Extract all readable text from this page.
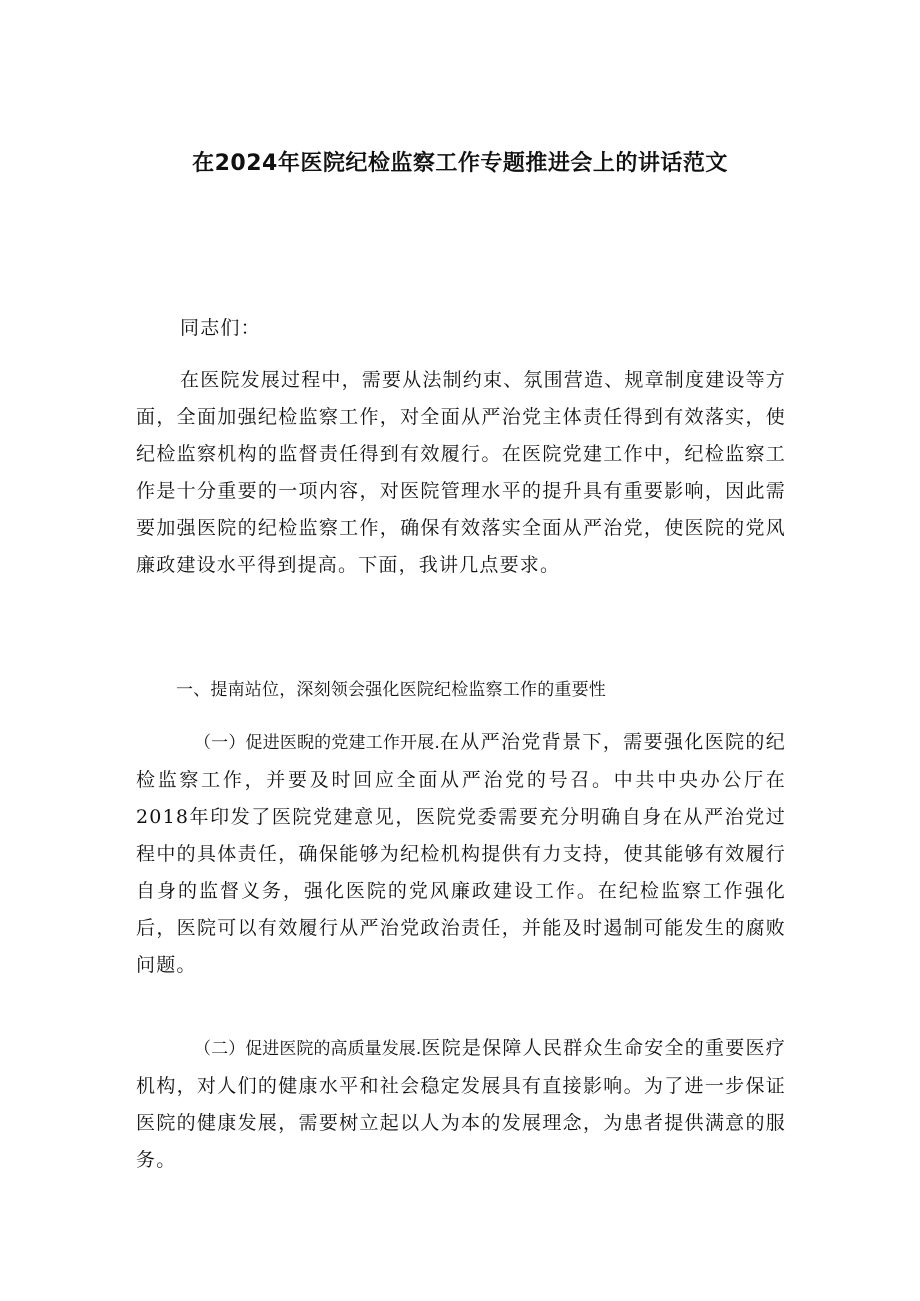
在2024年医院纪检监察工作专题推进会上的讲话范文
同志们：
在医院发展过程中，需要从法制约束、氛围营造、规章制度建设等方面，全面加强纪检监察工作，对全面从严治党主体责任得到有效落实，使纪检监察机构的监督责任得到有效履行。在医院党建工作中，纪检监察工作是十分重要的一项内容，对医院管理水平的提升具有重要影响，因此需要加强医院的纪检监察工作，确保有效落实全面从严治党，使医院的党风廉政建设水平得到提高。下面，我讲几点要求。
一、提南站位，深刻领会强化医院纪检监察工作的重要性
（一）促进医睨的党建工作开展.在从严治党背景下，需要强化医院的纪检监察工作，并要及时回应全面从严治党的号召。中共中央办公厅在2018年印发了医院党建意见，医院党委需要充分明确自身在从严治党过程中的具体责任，确保能够为纪检机构提供有力支持，使其能够有效履行自身的监督义务，强化医院的党风廉政建设工作。在纪检监察工作强化后，医院可以有效履行从严治党政治责任，并能及时遏制可能发生的腐败问题。
（二）促进医院的高质量发展.医院是保障人民群众生命安全的重要医疗机构，对人们的健康水平和社会稳定发展具有直接影响。为了进一步保证医院的健康发展，需要树立起以人为本的发展理念，为患者提供满意的服务。
